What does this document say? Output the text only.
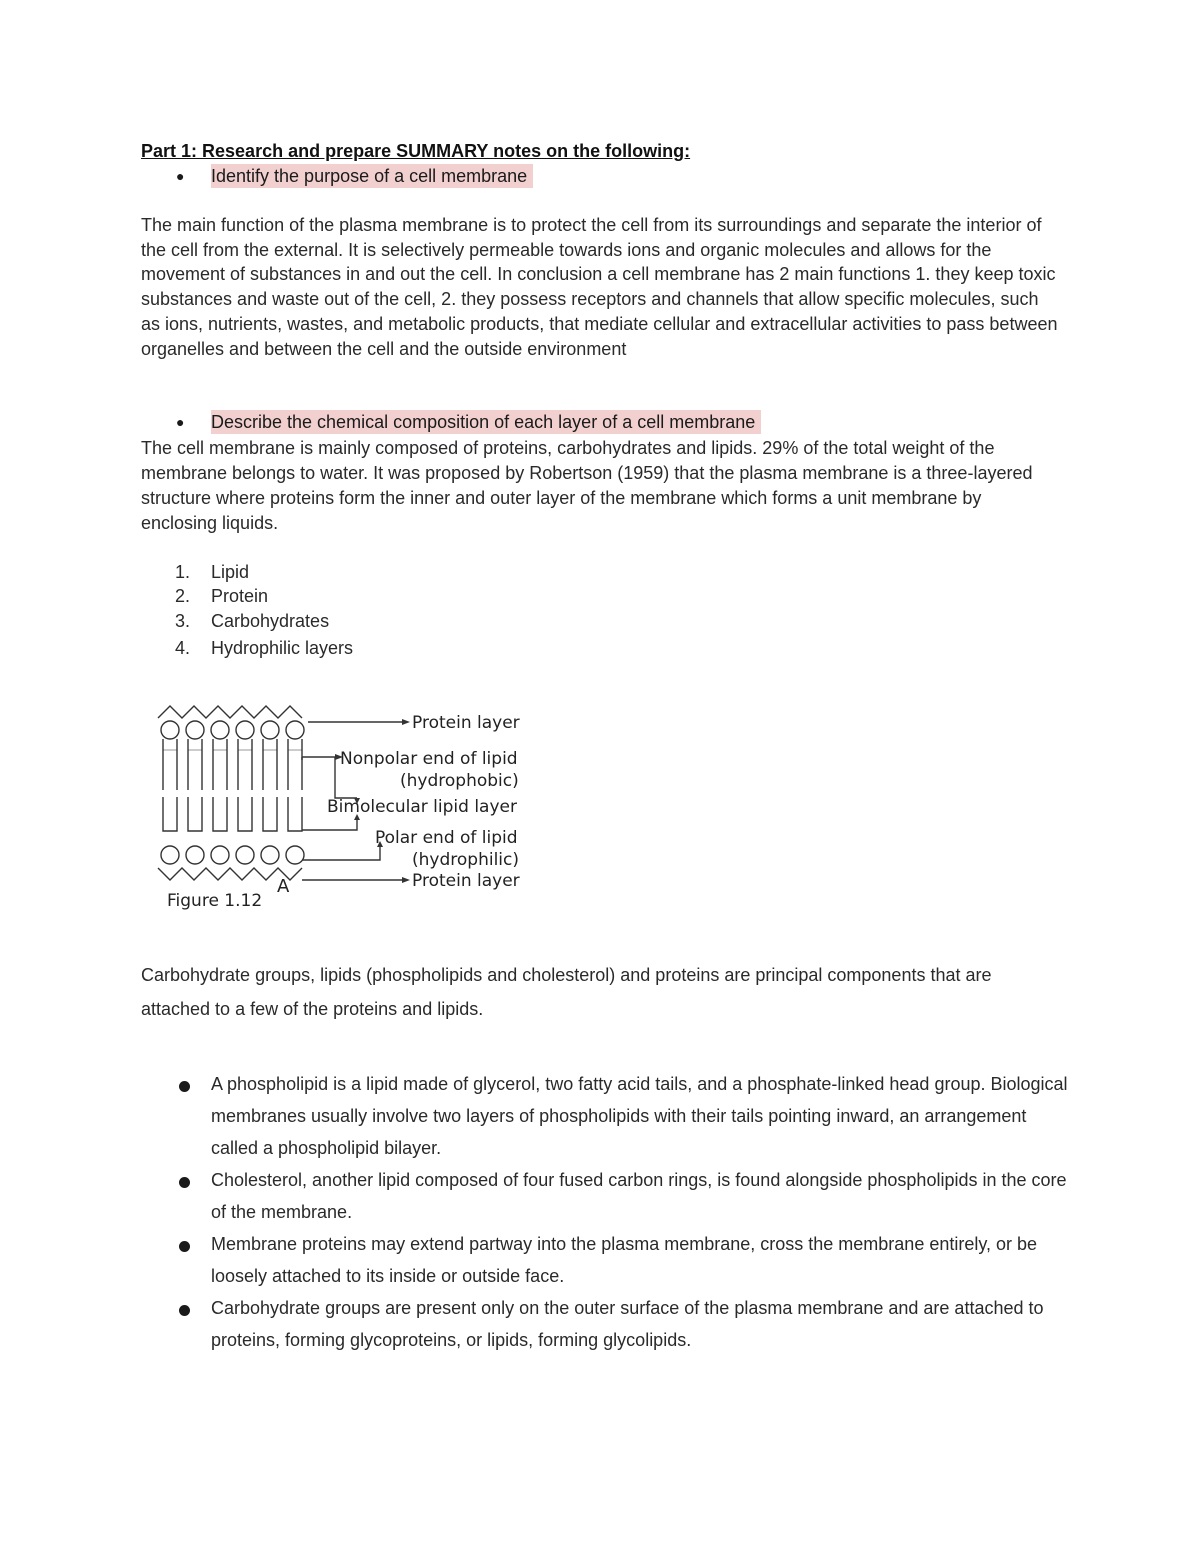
Part 1: Research and prepare SUMMARY notes on the following:
● Identify the purpose of a cell membrane

The main function of the plasma membrane is to protect the cell from its surroundings and separate the interior of the cell from the external. It is selectively permeable towards ions and organic molecules and allows for the movement of substances in and out the cell. In conclusion a cell membrane has 2 main functions 1. they keep toxic substances and waste out of the cell, 2. they possess receptors and channels that allow specific molecules, such as ions, nutrients, wastes, and metabolic products, that mediate cellular and extracellular activities to pass between organelles and between the cell and the outside environment

● Describe the chemical composition of each layer of a cell membrane

The cell membrane is mainly composed of proteins, carbohydrates and lipids. 29% of the total weight of the membrane belongs to water. It was proposed by Robertson (1959) that the plasma membrane is a three-layered structure where proteins form the inner and outer layer of the membrane which forms a unit membrane by enclosing liquids.

1. Lipid
2. Protein
3. Carbohydrates
4. Hydrophilic layers
Protein layer
Nonpolar end of lipid
(hydrophobic)
Bimolecular lipid layer
Polar end of lipid
(hydrophilic)
Protein layer
A
Figure 1.12

Carbohydrate groups, lipids (phospholipids and cholesterol) and proteins are principal components that are attached to a few of the proteins and lipids.

A phospholipid is a lipid made of glycerol, two fatty acid tails, and a phosphate-linked head group. Biological membranes usually involve two layers of phospholipids with their tails pointing inward, an arrangement called a phospholipid bilayer.
Cholesterol, another lipid composed of four fused carbon rings, is found alongside phospholipids in the core of the membrane.
Membrane proteins may extend partway into the plasma membrane, cross the membrane entirely, or be loosely attached to its inside or outside face.
Carbohydrate groups are present only on the outer surface of the plasma membrane and are attached to proteins, forming glycoproteins, or lipids, forming glycolipids.
